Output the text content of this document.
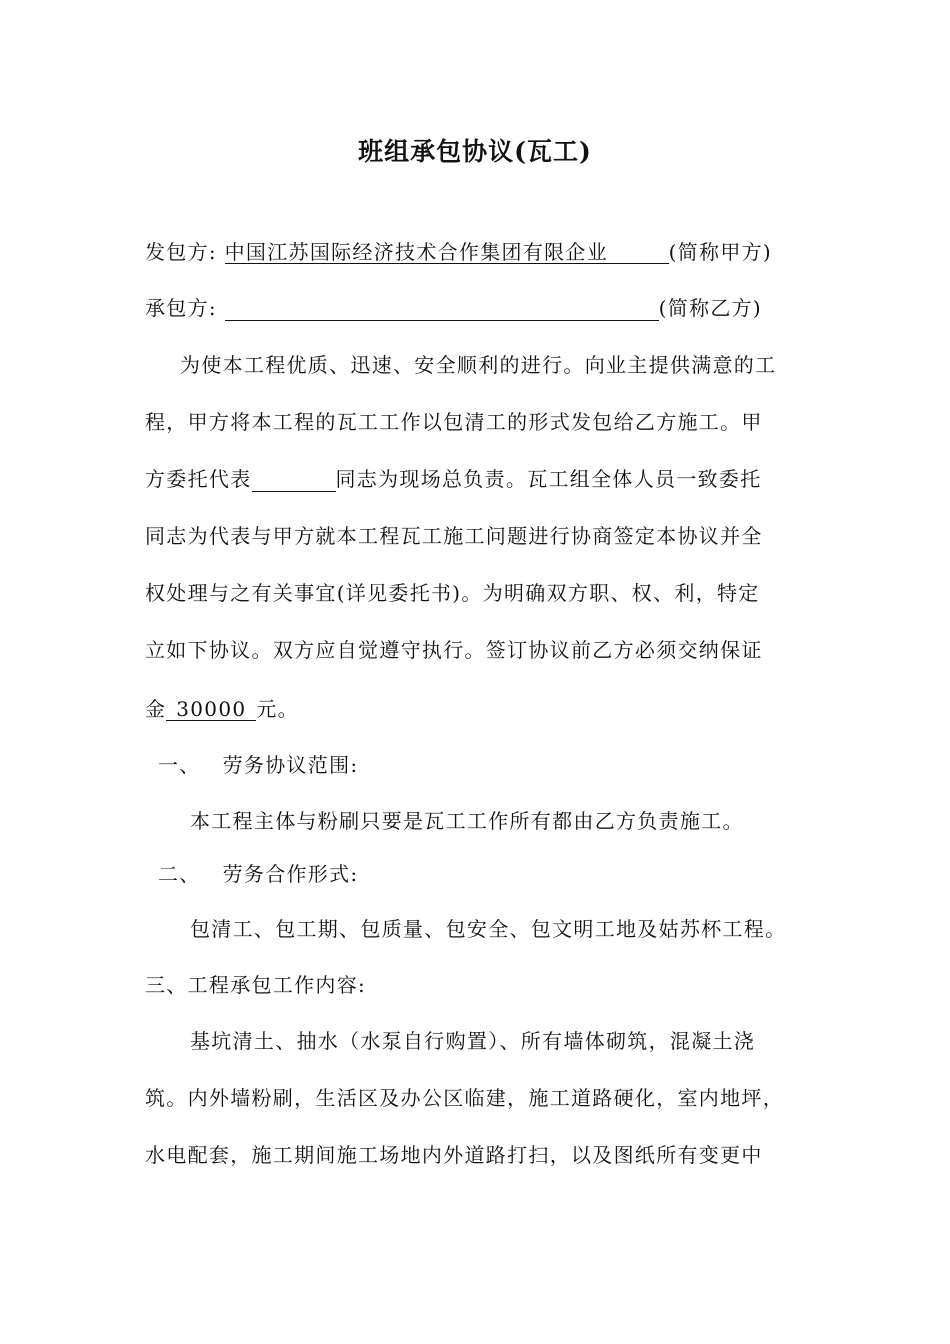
班组承包协议(瓦工)
发包方: 中国江苏国际经济技术合作集团有限企业	(简称甲方)
承包方:	(简称乙方)
为使本工程优质、迅速、安全顺利的进行。向业主提供满意的工
程，甲方将本工程的瓦工工作以包清工的形式发包给乙方施工。甲
方委托代表	同志为现场总负责。瓦工组全体人员一致委托
同志为代表与甲方就本工程瓦工施工问题进行协商签定本协议并全
权处理与之有关事宜(详见委托书)。为明确双方职、权、利，特定
立如下协议。双方应自觉遵守执行。签订协议前乙方必须交纳保证
金 30000 元。
一、 劳务协议范围:
本工程主体与粉刷只要是瓦工工作所有都由乙方负责施工。
二、 劳务合作形式:
包清工、包工期、包质量、包安全、包文明工地及姑苏杯工程。
三、工程承包工作内容:
基坑清土、抽水（水泵自行购置）、所有墙体砌筑，混凝土浇
筑。内外墙粉刷，生活区及办公区临建，施工道路硬化，室内地坪，
水电配套，施工期间施工场地内外道路打扫，以及图纸所有变更中
